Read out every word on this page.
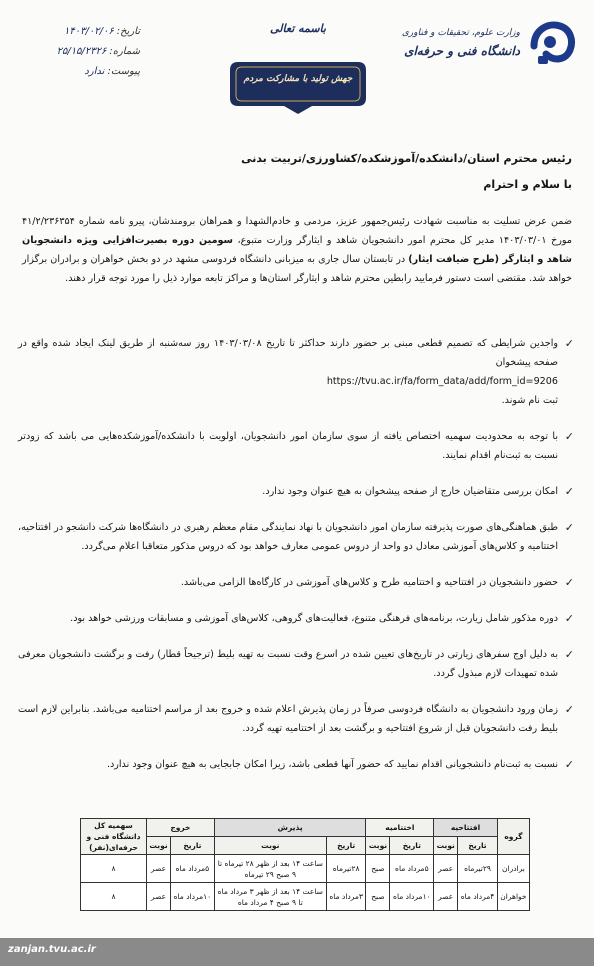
وزارت علوم، تحقیقات و فناوری
دانشگاه فنی و حرفه‌ای
باسمه تعالی
جهش تولید با مشارکت مردم
تاریخ:۱۴۰۳/۰۲/۰۶
شماره:۲۵/۱۵/۲۳۲۶
پیوست:ندارد
رئیس محترم استان/دانشکده/آموزشکده/کشاورزی/تربیت بدنی
با سلام و احترام

ضمن عرض تسلیت به مناسبت شهادت رئیس‌جمهور عزیز، مردمی و خادم‌الشهدا و همراهان برومندشان، پیرو نامه شماره ۴۱/۲/۲۳۶۳۵۴ مورخ ۱۴۰۳/۰۳/۰۱ مدیر کل محترم امور دانشجویان شاهد و ایثارگر وزارت متبوع، سومین دوره بصیرت‌افزایی ویژه دانشجویان شاهد و ایثارگر (طرح ضیافت ایثار) در تابستان سال جاری به میزبانی دانشگاه فردوسی مشهد در دو بخش خواهران و برادران برگزار خواهد شد. مقتضی است دستور فرمایید رابطین محترم شاهد و ایثارگر استان‌ها و مراکز تابعه موارد ذیل را مورد توجه قرار دهند.

✓
واجدین شرایطی که تصمیم قطعی مبنی بر حضور دارند حداکثر تا تاریخ ۱۴۰۳/۰۳/۰۸ روز سه‌شنبه از طریق لینک ایجاد شده واقع در صفحه پیشخوان
https://tvu.ac.ir/fa/form_data/add/form_id=9206
ثبت نام شوند.
✓
با توجه به محدودیت سهمیه اختصاص یافته از سوی سازمان امور دانشجویان، اولویت با دانشکده/آموزشکده‌هایی می باشد که زودتر نسبت به ثبت‌نام اقدام نمایند.
✓
امکان بررسی متقاضیان خارج از صفحه پیشخوان به هیچ عنوان وجود ندارد.
✓
طبق هماهنگی‌های صورت پذیرفته سازمان امور دانشجویان با نهاد نمایندگی مقام معظم رهبری در دانشگاه‌ها شرکت دانشجو در افتتاحیه، اختتامیه و کلاس‌های آموزشی معادل دو واحد از دروس عمومی معارف خواهد بود که دروس مذکور متعاقبا اعلام می‌گردد.
✓
حضور دانشجویان در افتتاحیه و اختتامیه طرح و کلاس‌های آموزشی در کارگاه‌ها الزامی می‌باشد.
✓
دوره مذکور شامل زیارت، برنامه‌های فرهنگی متنوع، فعالیت‌های گروهی، کلاس‌های آموزشی و مسابقات ورزشی خواهد بود.
✓
به دلیل اوج سفرهای زیارتی در تاریخ‌های تعیین شده در اسرع وقت نسبت به تهیه بلیط (ترجیحاً قطار) رفت و برگشت دانشجویان معرفی شده تمهیدات لازم مبذول گردد.
✓
زمان ورود دانشجویان به دانشگاه فردوسی صرفاً در زمان پذیرش اعلام شده و خروج بعد از مراسم اختتامیه می‌باشد. بنابراین لازم است بلیط رفت دانشجویان قبل از شروع افتتاحیه و برگشت بعد از اختتامیه تهیه گردد.
✓
نسبت به ثبت‌نام دانشجویانی اقدام نمایید که حضور آنها قطعی باشد، زیرا امکان جابجایی به هیچ عنوان وجود ندارد.
گروه	افتتاحیه		اختتامیه		پذیرش		خروج		سهمیه کل دانشگاه فنی و حرفه‌ای(نفر)
	تاریخ	نوبت	تاریخ	نوبت	تاریخ	نوبت	تاریخ	نوبت	
برادران	۲۹تیرماه	عصر	۵مرداد ماه	صبح	۲۸تیرماه	ساعت ۱۴ بعد از ظهر ۲۸ تیرماه تا ۹ صبح ۲۹ تیرماه	۵مرداد ماه	عصر	۸
خواهران	۴مرداد ماه	عصر	۱۰مرداد ماه	صبح	۳مرداد ماه	ساعت ۱۴ بعد از ظهر ۳ مرداد ماه تا ۹ صبح ۴ مرداد ماه	۱۰مرداد ماه	عصر	۸
zanjan.tvu.ac.ir
